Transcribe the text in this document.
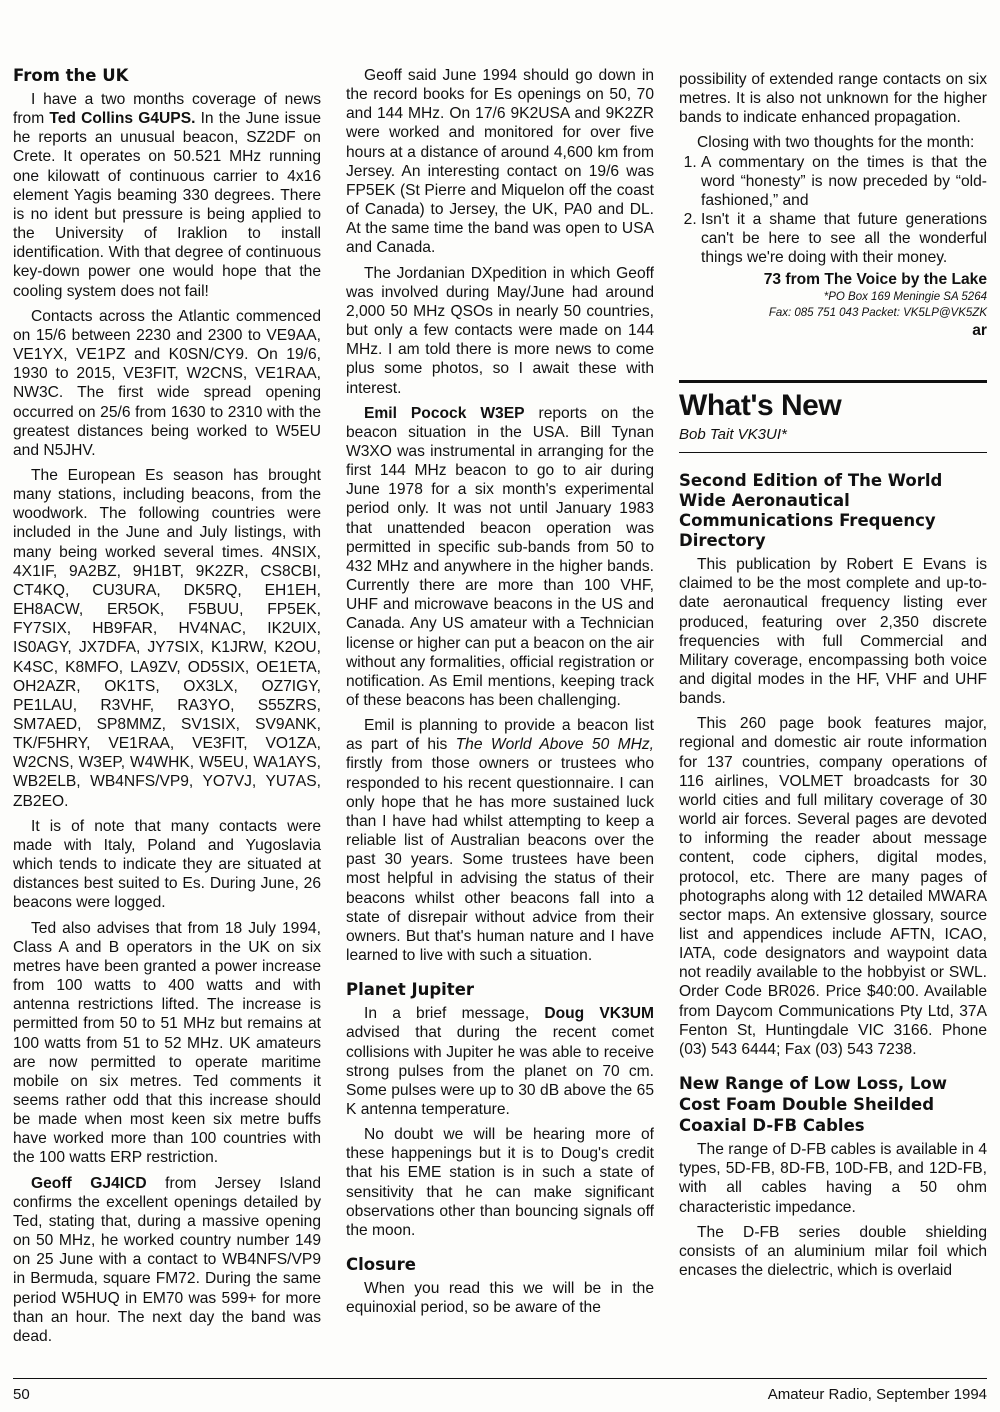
From the UK

I have a two months coverage of news from Ted Collins G4UPS. In the June issue he reports an unusual beacon, SZ2DF on Crete. It operates on 50.521 MHz running one kilowatt of continuous carrier to 4x16 element Yagis beaming 330 degrees. There is no ident but pressure is being applied to the University of Iraklion to install identification. With that degree of continuous key-down power one would hope that the cooling system does not fail!

Contacts across the Atlantic commenced on 15/6 between 2230 and 2300 to VE9AA, VE1YX, VE1PZ and K0SN/CY9. On 19/6, 1930 to 2015, VE3FIT, W2CNS, VE1RAA, NW3C. The first wide spread opening occurred on 25/6 from 1630 to 2310 with the greatest distances being worked to W5EU and N5JHV.

The European Es season has brought many stations, including beacons, from the woodwork. The following countries were included in the June and July listings, with many being worked several times. 4NSIX, 4X1IF, 9A2BZ, 9H1BT, 9K2ZR, CS8CBI, CT4KQ, CU3URA, DK5RQ, EH1EH, EH8ACW, ER5OK, F5BUU, FP5EK, FY7SIX, HB9FAR, HV4NAC, IK2UIX, IS0AGY, JX7DFA, JY7SIX, K1JRW, K2OU, K4SC, K8MFO, LA9ZV, OD5SIX, OE1ETA, OH2AZR, OK1TS, OX3LX, OZ7IGY, PE1LAU, R3VHF, RA3YO, S55ZRS, SM7AED, SP8MMZ, SV1SIX, SV9ANK, TK/F5HRY, VE1RAA, VE3FIT, VO1ZA, W2CNS, W3EP, W4WHK, W5EU, WA1AYS, WB2ELB, WB4NFS/VP9, YO7VJ, YU7AS, ZB2EO.

It is of note that many contacts were made with Italy, Poland and Yugoslavia which tends to indicate they are situated at distances best suited to Es. During June, 26 beacons were logged.

Ted also advises that from 18 July 1994, Class A and B operators in the UK on six metres have been granted a power increase from 100 watts to 400 watts and with antenna restrictions lifted. The increase is permitted from 50 to 51 MHz but remains at 100 watts from 51 to 52 MHz. UK amateurs are now permitted to operate maritime mobile on six metres. Ted comments it seems rather odd that this increase should be made when most keen six metre buffs have worked more than 100 countries with the 100 watts ERP restriction.

Geoff GJ4ICD from Jersey Island confirms the excellent openings detailed by Ted, stating that, during a massive opening on 50 MHz, he worked country number 149 on 25 June with a contact to WB4NFS/VP9 in Bermuda, square FM72. During the same period W5HUQ in EM70 was 599+ for more than an hour. The next day the band was dead.

Geoff said June 1994 should go down in the record books for Es openings on 50, 70 and 144 MHz. On 17/6 9K2USA and 9K2ZR were worked and monitored for over five hours at a distance of around 4,600 km from Jersey. An interesting contact on 19/6 was FP5EK (St Pierre and Miquelon off the coast of Canada) to Jersey, the UK, PA0 and DL. At the same time the band was open to USA and Canada.

The Jordanian DXpedition in which Geoff was involved during May/June had around 2,000 50 MHz QSOs in nearly 50 countries, but only a few contacts were made on 144 MHz. I am told there is more news to come plus some photos, so I await these with interest.

Emil Pocock W3EP reports on the beacon situation in the USA. Bill Tynan W3XO was instrumental in arranging for the first 144 MHz beacon to go to air during June 1978 for a six month's experimental period only. It was not until January 1983 that unattended beacon operation was permitted in specific sub-bands from 50 to 432 MHz and anywhere in the higher bands. Currently there are more than 100 VHF, UHF and microwave beacons in the US and Canada. Any US amateur with a Technician license or higher can put a beacon on the air without any formalities, official registration or notification. As Emil mentions, keeping track of these beacons has been challenging.

Emil is planning to provide a beacon list as part of his The World Above 50 MHz, firstly from those owners or trustees who responded to his recent questionnaire. I can only hope that he has more sustained luck than I have had whilst attempting to keep a reliable list of Australian beacons over the past 30 years. Some trustees have been most helpful in advising the status of their beacons whilst other beacons fall into a state of disrepair without advice from their owners. But that's human nature and I have learned to live with such a situation.

Planet Jupiter

In a brief message, Doug VK3UM advised that during the recent comet collisions with Jupiter he was able to receive strong pulses from the planet on 70 cm. Some pulses were up to 30 dB above the 65 K antenna temperature.

No doubt we will be hearing more of these happenings but it is to Doug's credit that his EME station is in such a state of sensitivity that he can make significant observations other than bouncing signals off the moon.

Closure

When you read this we will be in the equinoxial period, so be aware of the

possibility of extended range contacts on six metres. It is also not unknown for the higher bands to indicate enhanced propagation.

Closing with two thoughts for the month:

1. A commentary on the times is that the word “honesty” is now preceded by “old-fashioned,” and
2. Isn't it a shame that future generations can't be here to see all the wonderful things we're doing with their money.
73 from The Voice by the Lake
*PO Box 169 Meningie SA 5264
Fax: 085 751 043 Packet: VK5LP@VK5ZK
ar
What's New
Bob Tait VK3UI*
Second Edition of The World Wide Aeronautical Communications Frequency Directory

This publication by Robert E Evans is claimed to be the most complete and up-to-date aeronautical frequency listing ever produced, featuring over 2,350 discrete frequencies with full Commercial and Military coverage, encompassing both voice and digital modes in the HF, VHF and UHF bands.

This 260 page book features major, regional and domestic air route information for 137 countries, company operations of 116 airlines, VOLMET broadcasts for 30 world cities and full military coverage of 30 world air forces. Several pages are devoted to informing the reader about message content, code ciphers, digital modes, protocol, etc. There are many pages of photographs along with 12 detailed MWARA sector maps. An extensive glossary, source list and appendices include AFTN, ICAO, IATA, code designators and waypoint data not readily available to the hobbyist or SWL. Order Code BR026. Price $40:00. Available from Daycom Communications Pty Ltd, 37A Fenton St, Huntingdale VIC 3166. Phone (03) 543 6444; Fax (03) 543 7238.

New Range of Low Loss, Low Cost Foam Double Sheilded Coaxial D-FB Cables

The range of D-FB cables is available in 4 types, 5D-FB, 8D-FB, 10D-FB, and 12D-FB, with all cables having a 50 ohm characteristic impedance.

The D-FB series double shielding consists of an aluminium milar foil which encases the dielectric, which is overlaid

50	Amateur Radio, September 1994
